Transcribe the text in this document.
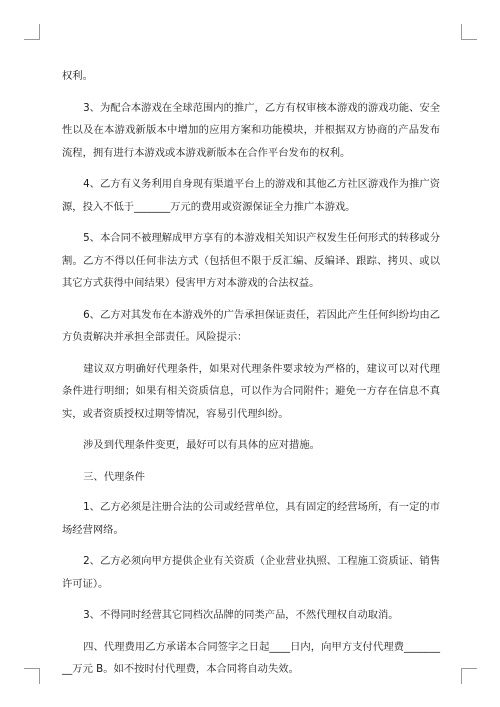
权利。

3、为配合本游戏在全球范围内的推广，乙方有权审核本游戏的游戏功能、安全性以及在本游戏新版本中增加的应用方案和功能模块，并根据双方协商的产品发布流程，拥有进行本游戏或本游戏新版本在合作平台发布的权利。

4、乙方有义务利用自身现有渠道平台上的游戏和其他乙方社区游戏作为推广资源，投入不低于_______万元的费用或资源保证全力推广本游戏。

5、本合同不被理解成甲方享有的本游戏相关知识产权发生任何形式的转移或分割。乙方不得以任何非法方式（包括但不限于反汇编、反编译、跟踪、拷贝、或以其它方式获得中间结果）侵害甲方对本游戏的合法权益。

6、乙方对其发布在本游戏外的广告承担保证责任，若因此产生任何纠纷均由乙方负责解决并承担全部责任。风险提示：

建议双方明确好代理条件，如果对代理条件要求较为严格的，建议可以对代理条件进行明细；如果有相关资质信息，可以作为合同附件；避免一方存在信息不真实，或者资质授权过期等情况，容易引代理纠纷。

涉及到代理条件变更，最好可以有具体的应对措施。

三、代理条件

1、乙方必须是注册合法的公司或经营单位，具有固定的经营场所，有一定的市场经营网络。

2、乙方必须向甲方提供企业有关资质（企业营业执照、工程施工资质证、销售许可证）。

3、不得同时经营其它同档次品牌的同类产品，不然代理权自动取消。

四、代理费用乙方承诺本合同签字之日起____日内，向甲方支付代理费_________万元 B。如不按时付代理费，本合同将自动失效。
